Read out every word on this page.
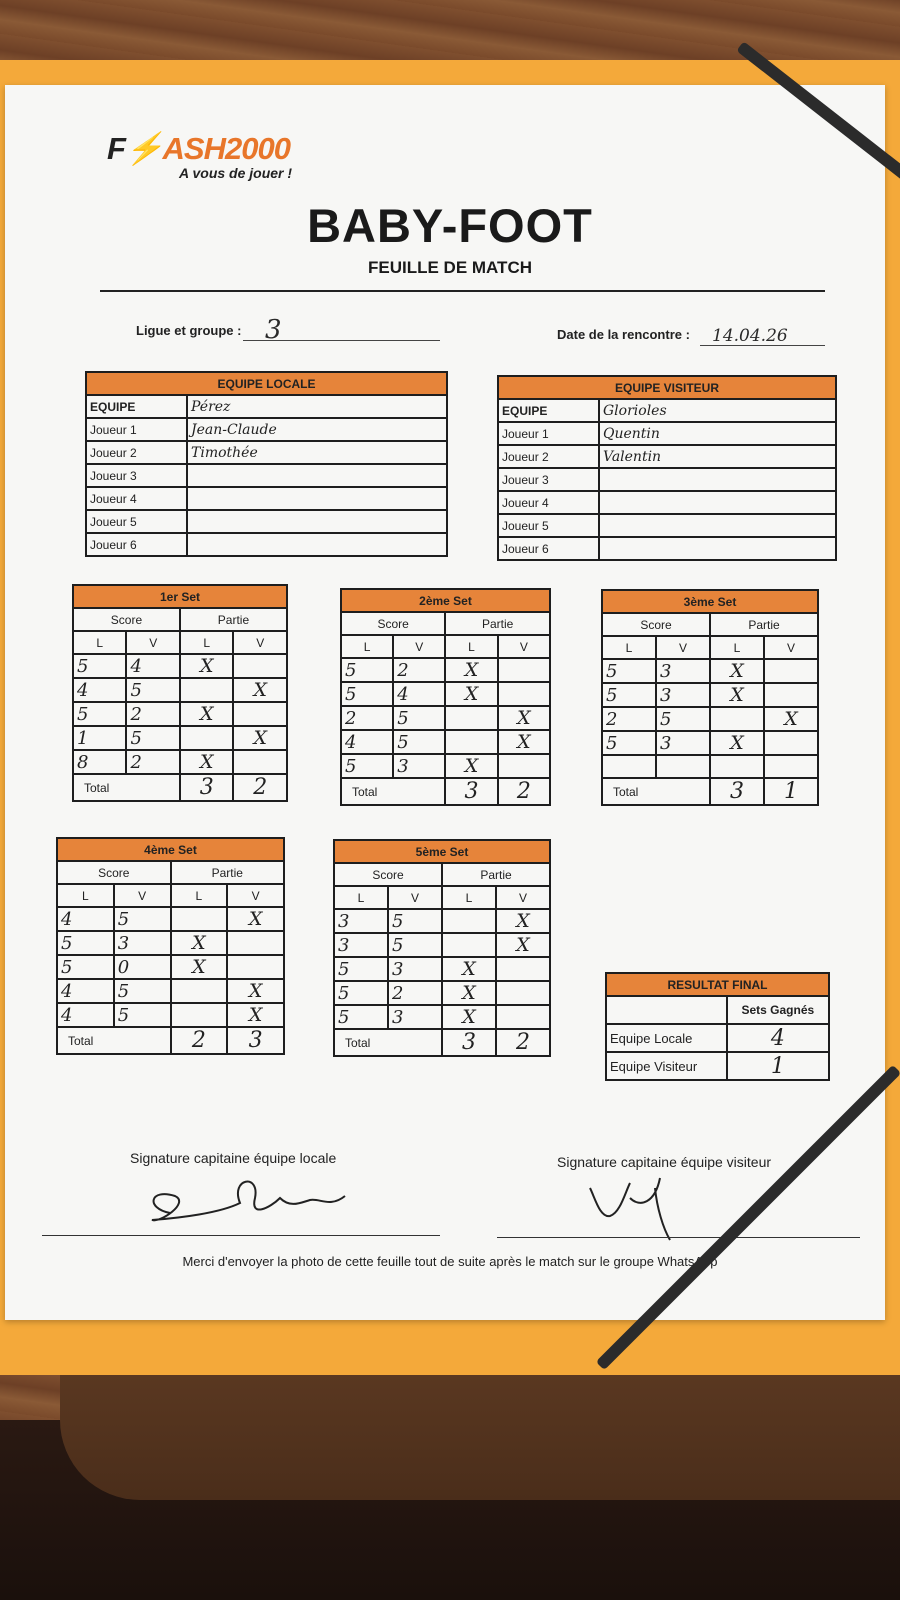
F⚡ASH2000
A vous de jouer !
BABY-FOOT
FEUILLE DE MATCH
Ligue et groupe : 3	Date de la rencontre : 14.04.26
EQUIPE LOCALE	
EQUIPE	Pérez
Joueur 1	Jean-Claude
Joueur 2	Timothée
Joueur 3	
Joueur 4	
Joueur 5	
Joueur 6	
EQUIPE VISITEUR	
EQUIPE	Glorioles
Joueur 1	Quentin
Joueur 2	Valentin
Joueur 3	
Joueur 4	
Joueur 5	
Joueur 6	
1er Set			
Score		Partie	
L	V	L	V
5	4	X	
4	5		X
5	2	X	
1	5		X
8	2	X	
Total		3	2
2ème Set			
Score		Partie	
L	V	L	V
5	2	X	
5	4	X	
2	5		X
4	5		X
5	3	X	
Total		3	2
3ème Set			
Score		Partie	
L	V	L	V
5	3	X	
5	3	X	
2	5		X
5	3	X	

Total		3	1
4ème Set			
Score		Partie	
L	V	L	V
4	5		X
5	3	X	
5	0	X	
4	5		X
4	5		X
Total		2	3
5ème Set			
Score		Partie	
L	V	L	V
3	5		X
3	5		X
5	3	X	
5	2	X	
5	3	X	
Total		3	2
RESULTAT FINAL	
	Sets Gagnés
Equipe Locale	4
Equipe Visiteur	1
Signature capitaine équipe locale	Signature capitaine équipe visiteur
Merci d'envoyer la photo de cette feuille tout de suite après le match sur le groupe WhatsApp
